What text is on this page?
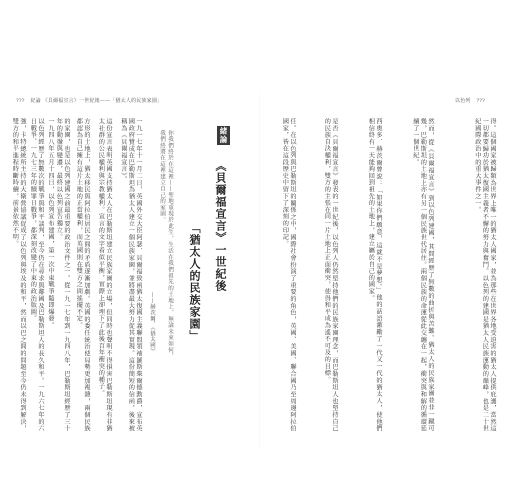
??? 紀論 《貝爾福宣言》一世紀後——「猶太人的民族家園」	以色列 ???
得。這個國家被歸類為世界上唯一的猶太人國家，並為那些在世界各地受迫害的猶太人提供庇護，當然這一切都要歸功於猶太復國主義者不懈的努力與奮鬥。以色列的建國是猶太人民族運動的巔峰，也是二十世紀國際政治中的重大事件之一。
然而，從《貝爾福宣言》到以色列建國，其間經歷了無數的曲折與苦難。猶太人的民族家園並非一蹴可幾，巴勒斯坦的土地上亦有另一個民族世代居住。兩個民族的命運從此交纏在一起，衝突與和解的循環延續了一個世紀。
西奧多．赫茨爾曾說：「如果你們願意，這就不是夢想。」他的話語激勵了一代又一代的猶太人，使他們相信終有一天能夠回到祖先的土地上，建立屬於自己的國家。
是否《貝爾福宣言》發表的一世紀後，以色列人仍然堅持他們的民族家園理念，而巴勒斯坦人也堅持自己的民族自決權利，雙方的主張在同一片土地上正面衝突，使得和平成為遙不可及的目標。
任。在以色列與巴勒斯坦的關係之中，國際社會扮演了重要的角色，英國、美國、聯合國乃至周邊阿拉伯國家，皆在這段歷史中留下了深刻的印記。
緒論
《貝爾福宣言》一世紀後
「猶太人的民族家園」
你我們終於在這裡——聖地重現於此生，生活在我們祖先的土地上，無論未來如何，
我們終將在這裡建立自己的家園。
——赫茨爾，《猶太國》
一九一七年十一月二日，英國外交大臣阿瑟．貝爾福致函猶太復國主義聯盟領袖羅斯柴爾德勳爵，宣布英國政府贊成在巴勒斯坦為猶太人建立一個民族家園，並將盡最大努力促其實現。這份簡短的信函，後來被稱為《貝爾福宣言》。
這份宣言表明英國支持猶太人在巴勒斯坦建立民族家園的立場，但同時也聲明不得損害巴勒斯坦現有非猶太社群的公民權利與宗教權利。宣言的文字看似平衡，實際上卻埋下了此後百年衝突的種子。
方形的土地上，猶太移民與阿拉伯居民之間的矛盾逐漸加劇。英國的委任統治使局勢更加複雜，兩個民族都認為自己擁有這片土地的正當權利，而英國則在雙方之間搖擺不定。
的家園，也是以色列建國之前最重要的政治文件之一。從一九一七年到一九四八年，巴勒斯坦經歷了三十年的動盪與變遷，最終以色列宣告獨立。
一九四八年五月十四日，以色列宣布建國，第一次中東戰爭隨即爆發。
以色列經歷了無數次的戰爭與和平談判，至今仍在尋求與鄰國及巴勒斯坦人的長久和平。一九六七年的六日戰爭、一九七三年的贖罪日戰爭，都深刻改變了中東的政治版圖。
強，卡特總統所主持的大衛營協議促成了以色列與埃及的和平，然而以巴之間的問題至今仍未得到解決，雙方的和平進程時斷時續，前景依然不明。
